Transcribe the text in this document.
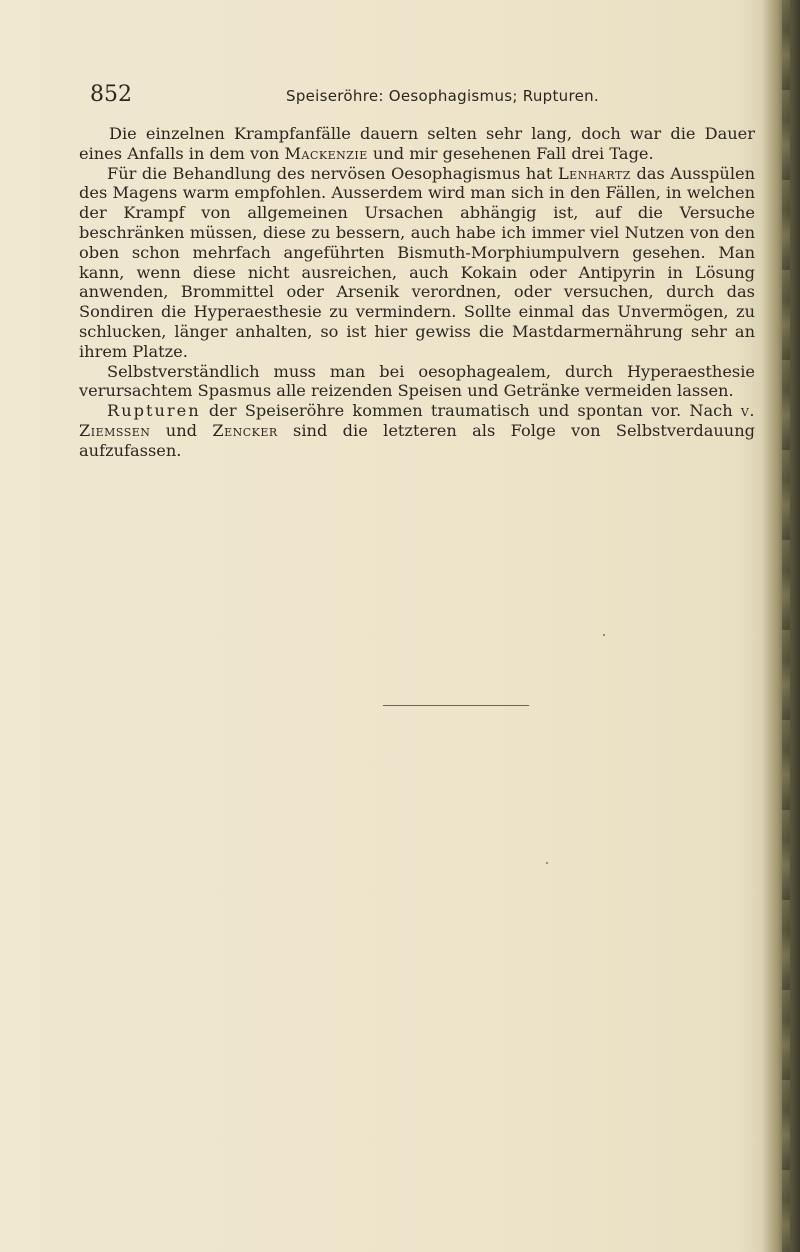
852	Speiseröhre: Oesophagismus; Rupturen.

Die einzelnen Krampfanfälle dauern selten sehr lang, doch war die Dauer eines Anfalls in dem von Mackenzie und mir gesehenen Fall drei Tage.

Für die Behandlung des nervösen Oesophagismus hat Lenhartz das Ausspülen des Magens warm empfohlen. Ausserdem wird man sich in den Fällen, in welchen der Krampf von allgemeinen Ursachen abhängig ist, auf die Versuche beschränken müssen, diese zu bessern, auch habe ich immer viel Nutzen von den oben schon mehrfach angeführten Bismuth-Morphiumpulvern gesehen. Man kann, wenn diese nicht ausreichen, auch Kokain oder Antipyrin in Lösung anwenden, Brommittel oder Arsenik verordnen, oder versuchen, durch das Sondiren die Hyperaesthesie zu vermindern. Sollte einmal das Unvermögen, zu schlucken, länger anhalten, so ist hier gewiss die Mastdarmernährung sehr an ihrem Platze.

Selbstverständlich muss man bei oesophagealem, durch Hyperaesthesie verursachtem Spasmus alle reizenden Speisen und Getränke vermeiden lassen.

Rupturen der Speiseröhre kommen traumatisch und spontan vor. Nach v. Ziemssen und Zencker sind die letzteren als Folge von Selbstverdauung aufzufassen.
